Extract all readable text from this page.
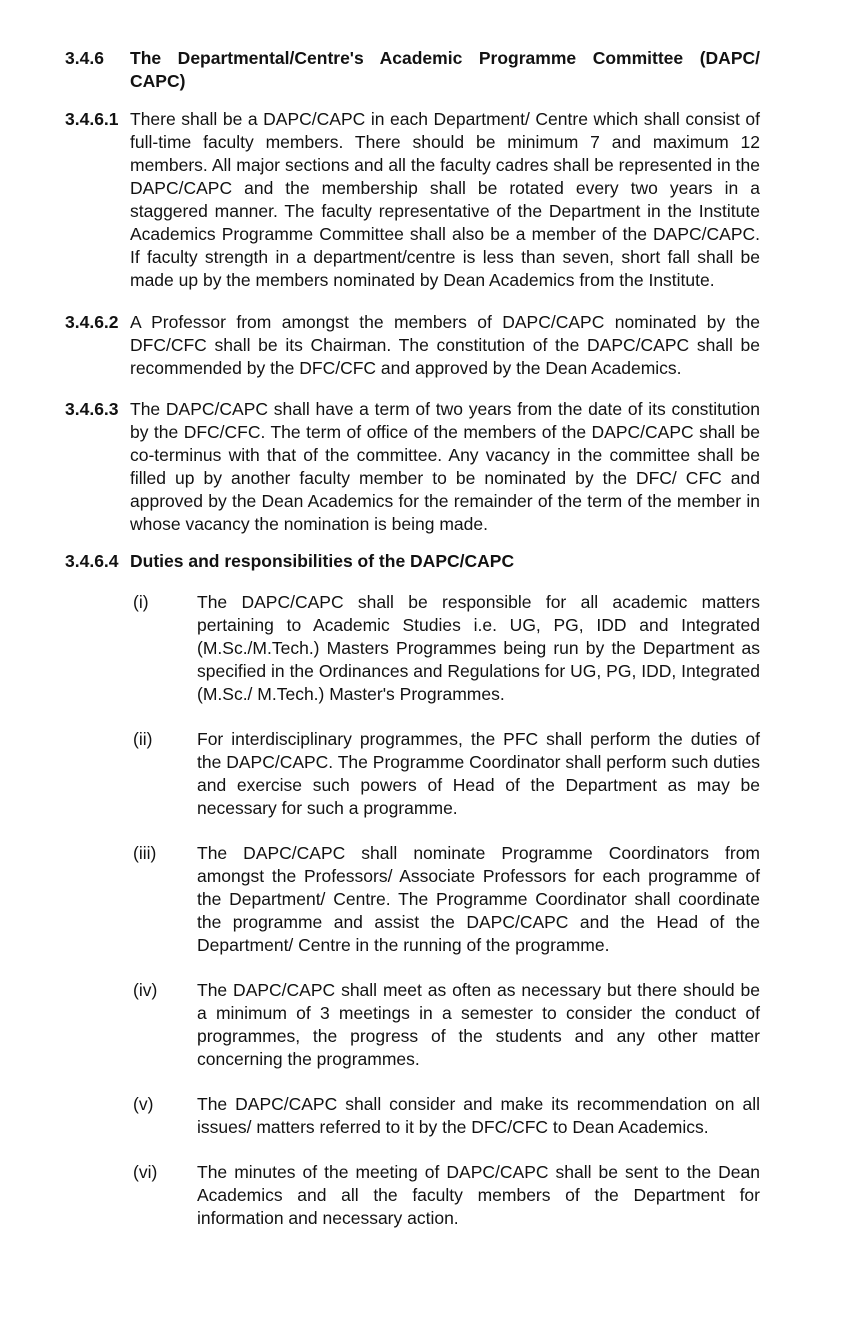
3.4.6	The Departmental/Centre's Academic Programme Committee (DAPC/ CAPC)
3.4.6.1 There shall be a DAPC/CAPC in each Department/ Centre which shall consist of full-time faculty members. There should be minimum 7 and maximum 12 members. All major sections and all the faculty cadres shall be represented in the DAPC/CAPC and the membership shall be rotated every two years in a staggered manner. The faculty representative of the Department in the Institute Academics Programme Committee shall also be a member of the DAPC/CAPC. If faculty strength in a department/centre is less than seven, short fall shall be made up by the members nominated by Dean Academics from the Institute.
3.4.6.2 A Professor from amongst the members of DAPC/CAPC nominated by the DFC/CFC shall be its Chairman. The constitution of the DAPC/CAPC shall be recommended by the DFC/CFC and approved by the Dean Academics.
3.4.6.3 The DAPC/CAPC shall have a term of two years from the date of its constitution by the DFC/CFC. The term of office of the members of the DAPC/CAPC shall be co-terminus with that of the committee. Any vacancy in the committee shall be filled up by another faculty member to be nominated by the DFC/ CFC and approved by the Dean Academics for the remainder of the term of the member in whose vacancy the nomination is being made.
3.4.6.4 Duties and responsibilities of the DAPC/CAPC
(i)	The DAPC/CAPC shall be responsible for all academic matters pertaining to Academic Studies i.e. UG, PG, IDD and Integrated (M.Sc./M.Tech.) Masters Programmes being run by the Department as specified in the Ordinances and Regulations for UG, PG, IDD, Integrated (M.Sc./ M.Tech.) Master's Programmes.
(ii)	For interdisciplinary programmes, the PFC shall perform the duties of the DAPC/CAPC. The Programme Coordinator shall perform such duties and exercise such powers of Head of the Department as may be necessary for such a programme.
(iii)	The DAPC/CAPC shall nominate Programme Coordinators from amongst the Professors/ Associate Professors for each programme of the Department/ Centre. The Programme Coordinator shall coordinate the programme and assist the DAPC/CAPC and the Head of the Department/ Centre in the running of the programme.
(iv)	The DAPC/CAPC shall meet as often as necessary but there should be a minimum of 3 meetings in a semester to consider the conduct of programmes, the progress of the students and any other matter concerning the programmes.
(v)	The DAPC/CAPC shall consider and make its recommendation on all issues/ matters referred to it by the DFC/CFC to Dean Academics.
(vi)	The minutes of the meeting of DAPC/CAPC shall be sent to the Dean Academics and all the faculty members of the Department for information and necessary action.
